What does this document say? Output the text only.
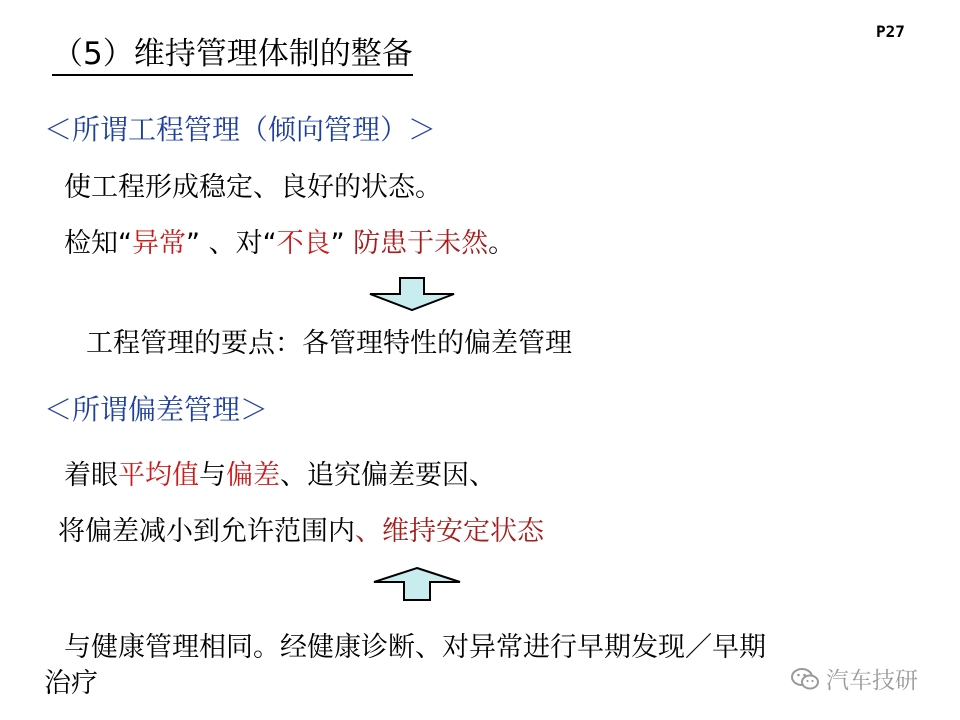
（5）维持管理体制的整备
P27
＜所谓工程管理（倾向管理）＞
使工程形成稳定、良好的状态。
检知“异常” 、对“不良” 防患于未然。
工程管理的要点：各管理特性的偏差管理
＜所谓偏差管理＞
着眼平均值与偏差、追究偏差要因、
将偏差减小到允许范围内、维持安定状态
与健康管理相同。经健康诊断、对异常进行早期发现／早期
治疗	汽车技研
